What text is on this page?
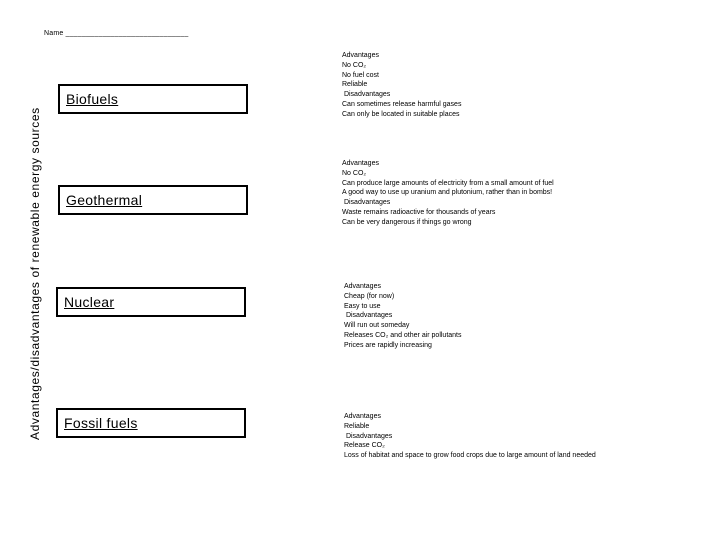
Name ______________________________
Advantages/disadvantages of renewable energy sources
Biofuels
Geothermal
Nuclear
Fossil fuels
Advantages
No CO₂
No fuel cost
Reliable
Disadvantages
Can sometimes release harmful gases
Can only be located in suitable places
Advantages
No CO₂
Can produce large amounts of electricity from a small amount of fuel
A good way to use up uranium and plutonium, rather than in bombs!
Disadvantages
Waste remains radioactive for thousands of years
Can be very dangerous if things go wrong
Advantages
Cheap (for now)
Easy to use
Disadvantages
Will run out someday
Releases CO₂ and other air pollutants
Prices are rapidly increasing
Advantages
Reliable
Disadvantages
Release CO₂
Loss of habitat and space to grow food crops due to large amount of land needed
